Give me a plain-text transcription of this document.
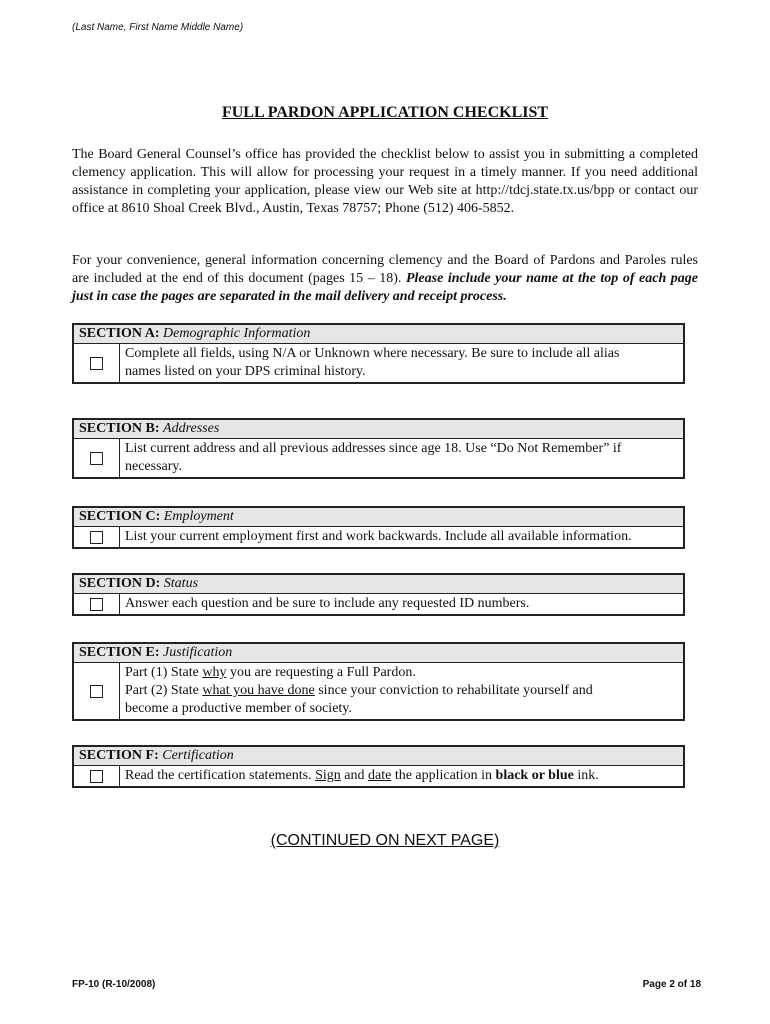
(Last Name, First Name Middle Name)
FULL PARDON APPLICATION CHECKLIST
The Board General Counsel’s office has provided the checklist below to assist you in submitting a completed clemency application. This will allow for processing your request in a timely manner. If you need additional assistance in completing your application, please view our Web site at http://tdcj.state.tx.us/bpp or contact our office at 8610 Shoal Creek Blvd., Austin, Texas 78757; Phone (512) 406-5852.
For your convenience, general information concerning clemency and the Board of Pardons and Paroles rules are included at the end of this document (pages 15 – 18). Please include your name at the top of each page just in case the pages are separated in the mail delivery and receipt process.
SECTION A: Demographic Information
Complete all fields, using N/A or Unknown where necessary. Be sure to include all alias
names listed on your DPS criminal history.
SECTION B: Addresses
List current address and all previous addresses since age 18. Use “Do Not Remember” if
necessary.
SECTION C: Employment
List your current employment first and work backwards. Include all available information.
SECTION D: Status
Answer each question and be sure to include any requested ID numbers.
SECTION E: Justification
Part (1) State why you are requesting a Full Pardon.
Part (2) State what you have done since your conviction to rehabilitate yourself and
become a productive member of society.
SECTION F: Certification
Read the certification statements. Sign and date the application in black or blue ink.
(CONTINUED ON NEXT PAGE)
FP-10 (R-10/2008)	Page 2 of 18
